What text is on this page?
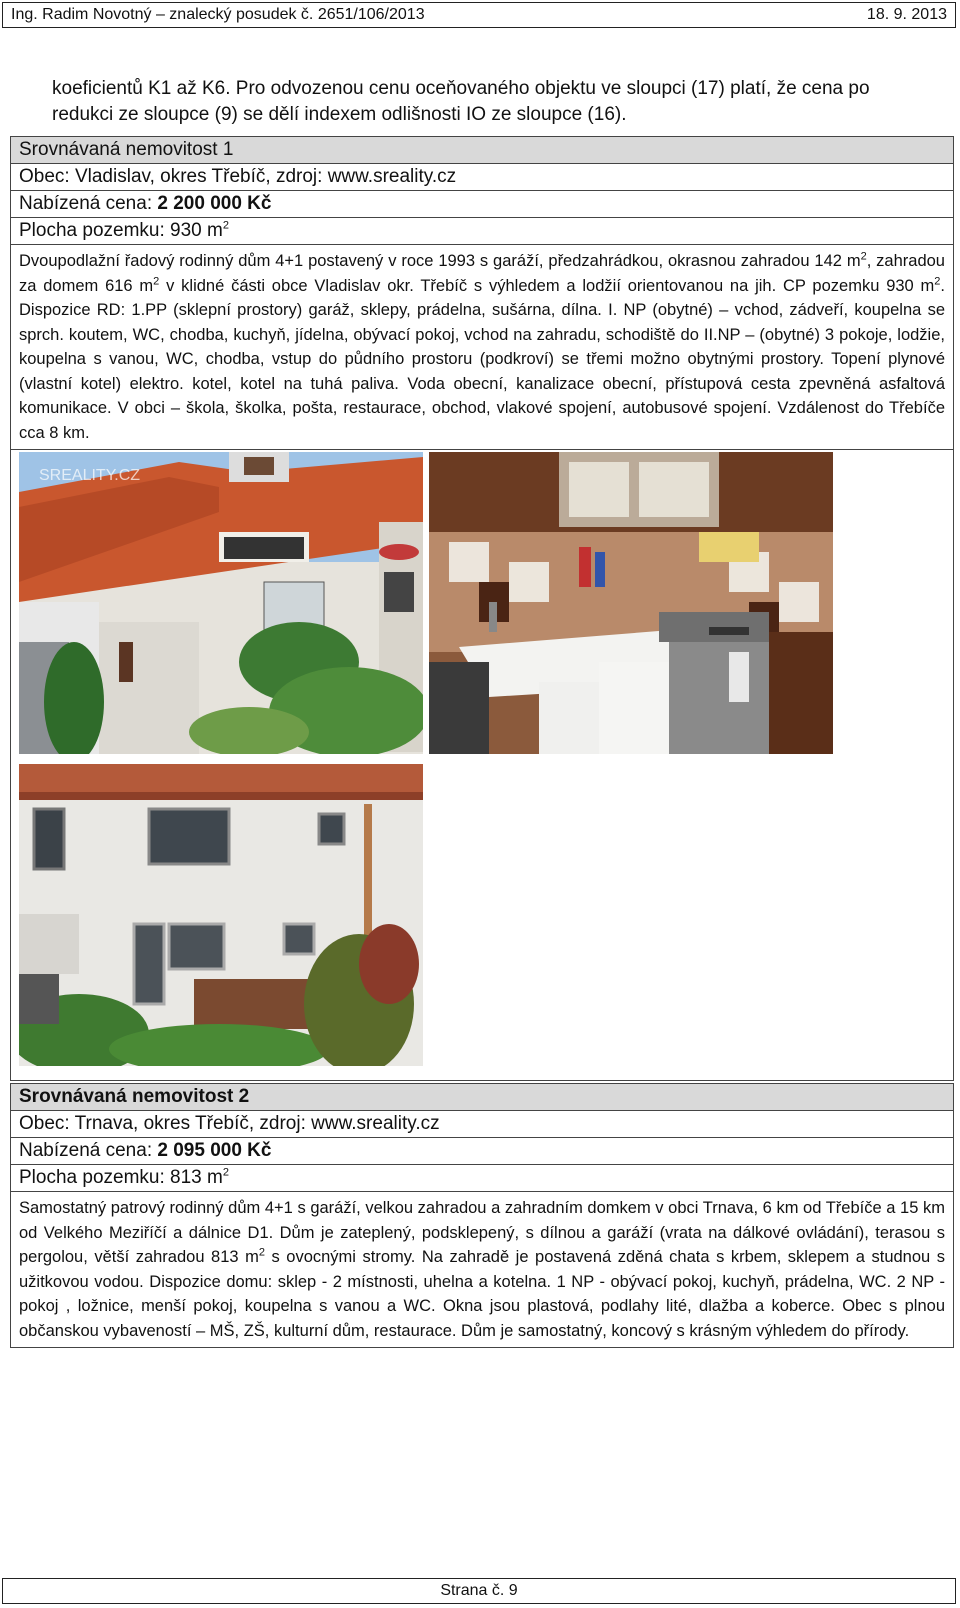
Ing. Radim Novotný – znalecký posudek č. 2651/106/2013	18. 9. 2013
koeficientů K1 až K6. Pro odvozenou cenu oceňovaného objektu ve sloupci (17) platí, že cena po
redukci ze sloupce (9) se dělí indexem odlišnosti IO ze sloupce (16).
Srovnávaná nemovitost 1
Obec: Vladislav, okres Třebíč, zdroj: www.sreality.cz
Nabízená cena: 2 200 000 Kč
Plocha pozemku: 930 $m^2$
Dvoupodlažní řadový rodinný dům 4+1 postavený v roce 1993 s garáží, předzahrádkou, okrasnou zahradou 142 $m^2$, zahradou za domem 616 $m^2$ v klidné části obce Vladislav okr. Třebíč s výhledem a lodžií orientovanou na jih. CP pozemku 930 $m^2$. Dispozice RD: 1.PP (sklepní prostory) garáž, sklepy, prádelna, sušárna, dílna. I. NP (obytné) – vchod, zádveří, koupelna se sprch. koutem, WC, chodba, kuchyň, jídelna, obývací pokoj, vchod na zahradu, schodiště do II.NP – (obytné) 3 pokoje, lodžie, koupelna s vanou, WC, chodba, vstup do půdního prostoru (podkroví) se třemi možno obytnými prostory. Topení plynové (vlastní kotel) elektro. kotel, kotel na tuhá paliva. Voda obecní, kanalizace obecní, přístupová cesta zpevněná asfaltová komunikace. V obci – škola, školka, pošta, restaurace, obchod, vlakové spojení, autobusové spojení. Vzdálenost do Třebíče cca 8 km.
SREALITY.CZ
Srovnávaná nemovitost 2
Obec: Trnava, okres Třebíč, zdroj: www.sreality.cz
Nabízená cena: 2 095 000 Kč
Plocha pozemku: 813 $m^2$
Samostatný patrový rodinný dům 4+1 s garáží, velkou zahradou a zahradním domkem v obci Trnava, 6 km od Třebíče a 15 km od Velkého Meziříčí a dálnice D1. Dům je zateplený, podsklepený, s dílnou a garáží (vrata na dálkové ovládání), terasou s pergolou, větší zahradou 813 $m^2$ s ovocnými stromy. Na zahradě je postavená zděná chata s krbem, sklepem a studnou s užitkovou vodou. Dispozice domu: sklep - 2 místnosti, uhelna a kotelna. 1 NP - obývací pokoj, kuchyň, prádelna, WC. 2 NP - pokoj , ložnice, menší pokoj, koupelna s vanou a WC. Okna jsou plastová, podlahy lité, dlažba a koberce. Obec s plnou občanskou vybaveností – MŠ, ZŠ, kulturní dům, restaurace. Dům je samostatný, koncový s krásným výhledem do přírody.
Strana č. 9
